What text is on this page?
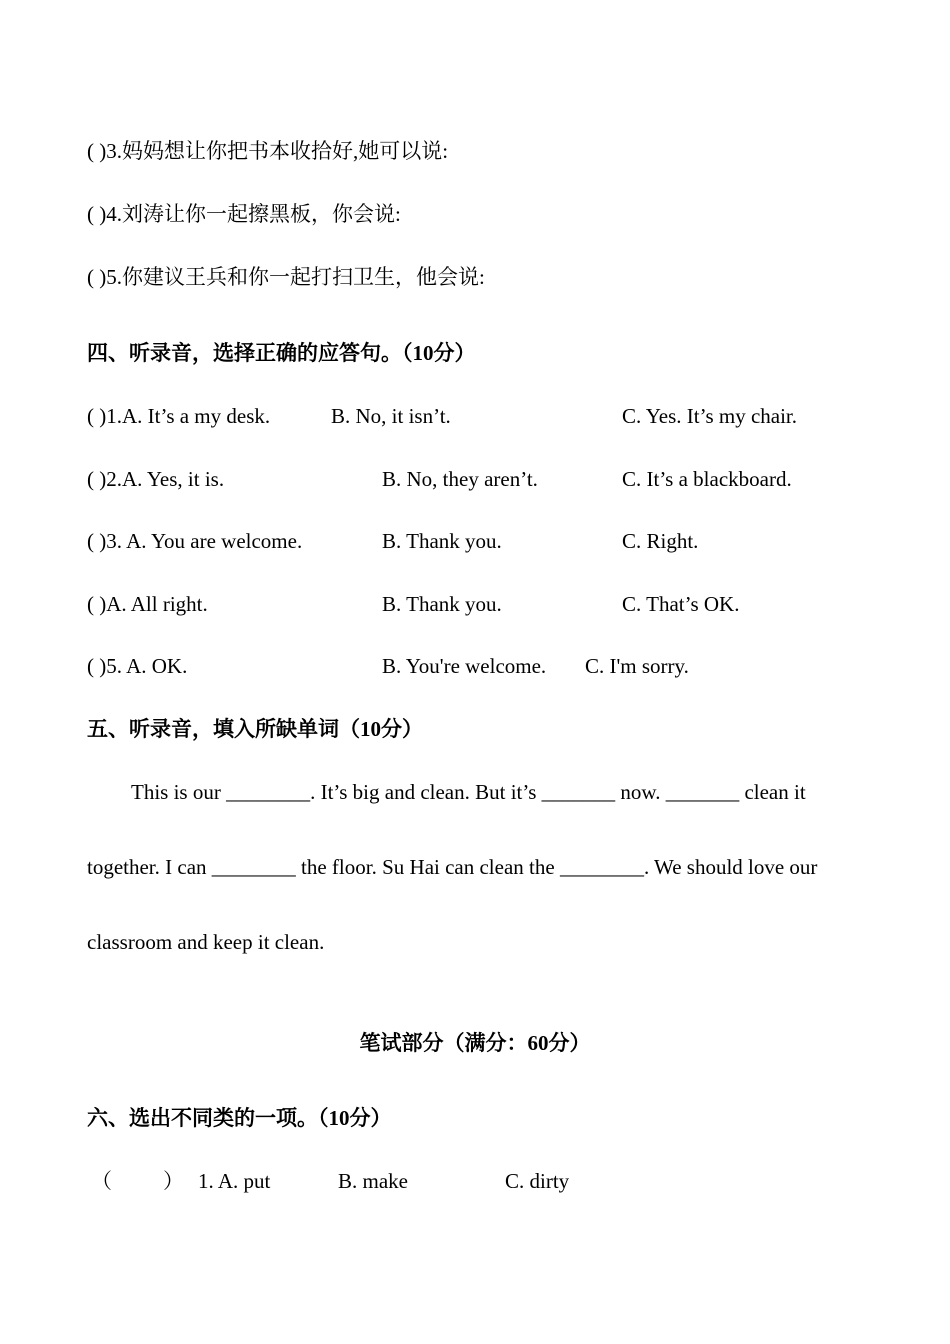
( )3.妈妈想让你把书本收拾好,她可以说:
( )4.刘涛让你一起擦黑板，你会说:
( )5.你建议王兵和你一起打扫卫生，他会说:
四、听录音，选择正确的应答句。（10分）
( )1.A. It’s a my desk.	B. No, it isn’t.	C. Yes. It’s my chair.
( )2.A. Yes, it is.	B. No, they aren’t.	C. It’s a blackboard.
( )3. A. You are welcome.	B. Thank you.	C. Right.
( )A. All right.	B. Thank you.	C. That’s OK.
( )5. A. OK.	B. You're welcome. C. I'm sorry.
五、听录音，填入所缺单词（10分）
This is our ________. It’s big and clean. But it’s _______ now. _______ clean it
together. I can ________ the floor. Su Hai can clean the ________. We should love our
classroom and keep it clean.
笔试部分（满分：60分）
六、选出不同类的一项。（10分）
（ ） 1. A. put	B. make	C. dirty
